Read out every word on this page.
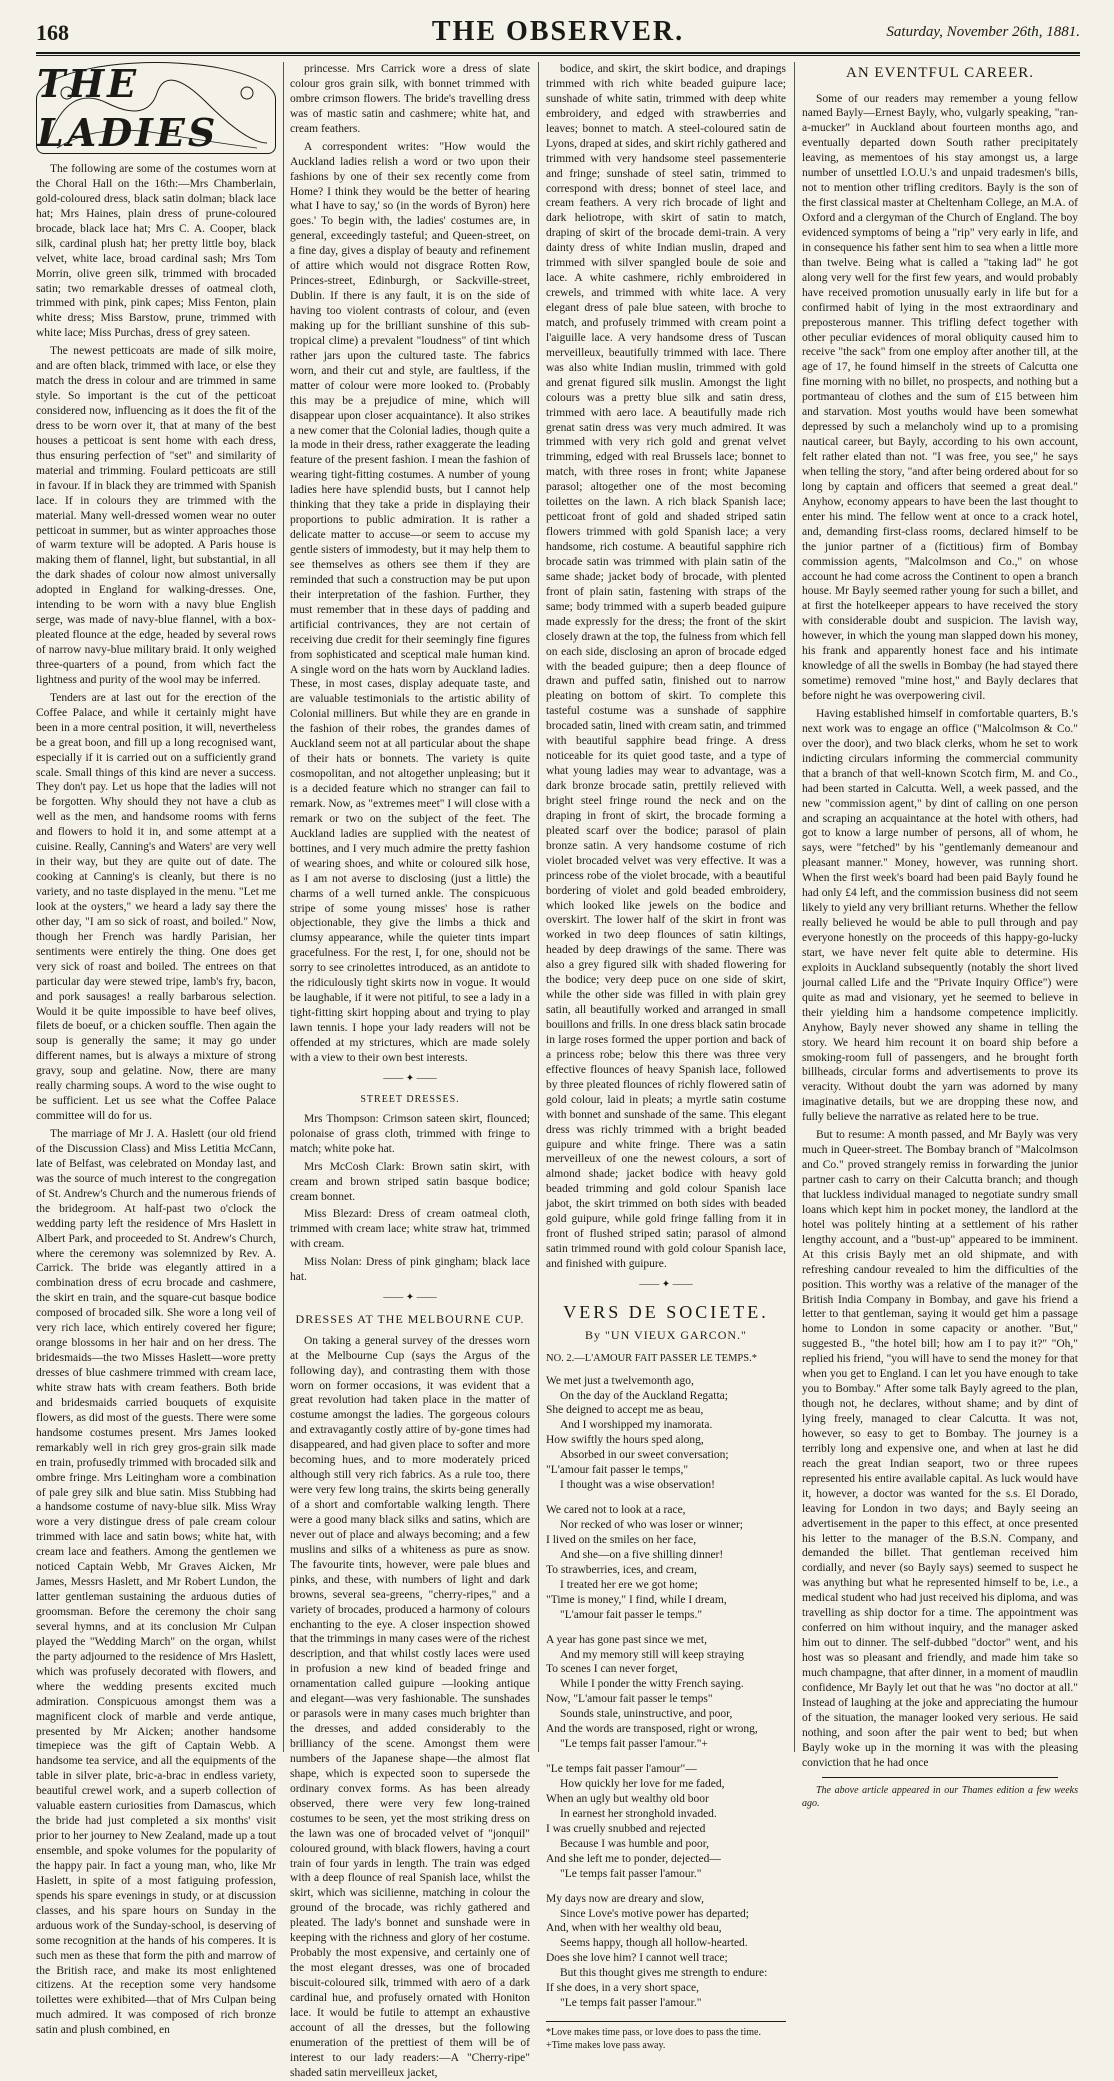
168	THE OBSERVER.	Saturday, November 26th, 1881.
THE LADIES

The following are some of the costumes worn at the Choral Hall on the 16th:—Mrs Chamberlain, gold-coloured dress, black satin dolman; black lace hat; Mrs Haines, plain dress of prune-coloured brocade, black lace hat; Mrs C. A. Cooper, black silk, cardinal plush hat; her pretty little boy, black velvet, white lace, broad cardinal sash; Mrs Tom Morrin, olive green silk, trimmed with brocaded satin; two remarkable dresses of oatmeal cloth, trimmed with pink, pink capes; Miss Fenton, plain white dress; Miss Barstow, prune, trimmed with white lace; Miss Purchas, dress of grey sateen.

The newest petticoats are made of silk moire, and are often black, trimmed with lace, or else they match the dress in colour and are trimmed in same style. So important is the cut of the petticoat considered now, influencing as it does the fit of the dress to be worn over it, that at many of the best houses a petticoat is sent home with each dress, thus ensuring perfection of "set" and similarity of material and trimming. Foulard petticoats are still in favour. If in black they are trimmed with Spanish lace. If in colours they are trimmed with the material. Many well-dressed women wear no outer petticoat in summer, but as winter approaches those of warm texture will be adopted. A Paris house is making them of flannel, light, but substantial, in all the dark shades of colour now almost universally adopted in England for walking-dresses. One, intending to be worn with a navy blue English serge, was made of navy-blue flannel, with a box-pleated flounce at the edge, headed by several rows of narrow navy-blue military braid. It only weighed three-quarters of a pound, from which fact the lightness and purity of the wool may be inferred.

Tenders are at last out for the erection of the Coffee Palace, and while it certainly might have been in a more central position, it will, nevertheless be a great boon, and fill up a long recognised want, especially if it is carried out on a sufficiently grand scale. Small things of this kind are never a success. They don't pay. Let us hope that the ladies will not be forgotten. Why should they not have a club as well as the men, and handsome rooms with ferns and flowers to hold it in, and some attempt at a cuisine. Really, Canning's and Waters' are very well in their way, but they are quite out of date. The cooking at Canning's is cleanly, but there is no variety, and no taste displayed in the menu. "Let me look at the oysters," we heard a lady say there the other day, "I am so sick of roast, and boiled." Now, though her French was hardly Parisian, her sentiments were entirely the thing. One does get very sick of roast and boiled. The entrees on that particular day were stewed tripe, lamb's fry, bacon, and pork sausages! a really barbarous selection. Would it be quite impossible to have beef olives, filets de boeuf, or a chicken souffle. Then again the soup is generally the same; it may go under different names, but is always a mixture of strong gravy, soup and gelatine. Now, there are many really charming soups. A word to the wise ought to be sufficient. Let us see what the Coffee Palace committee will do for us.

The marriage of Mr J. A. Haslett (our old friend of the Discussion Class) and Miss Letitia McCann, late of Belfast, was celebrated on Monday last, and was the source of much interest to the congregation of St. Andrew's Church and the numerous friends of the bridegroom. At half-past two o'clock the wedding party left the residence of Mrs Haslett in Albert Park, and proceeded to St. Andrew's Church, where the ceremony was solemnized by Rev. A. Carrick. The bride was elegantly attired in a combination dress of ecru brocade and cashmere, the skirt en train, and the square-cut basque bodice composed of brocaded silk. She wore a long veil of very rich lace, which entirely covered her figure; orange blossoms in her hair and on her dress. The bridesmaids—the two Misses Haslett—wore pretty dresses of blue cashmere trimmed with cream lace, white straw hats with cream feathers. Both bride and bridesmaids carried bouquets of exquisite flowers, as did most of the guests. There were some handsome costumes present. Mrs James looked remarkably well in rich grey gros-grain silk made en train, profusedly trimmed with brocaded silk and ombre fringe. Mrs Leitingham wore a combination of pale grey silk and blue satin. Miss Stubbing had a handsome costume of navy-blue silk. Miss Wray wore a very distingue dress of pale cream colour trimmed with lace and satin bows; white hat, with cream lace and feathers. Among the gentlemen we noticed Captain Webb, Mr Graves Aicken, Mr James, Messrs Haslett, and Mr Robert Lundon, the latter gentleman sustaining the arduous duties of groomsman. Before the ceremony the choir sang several hymns, and at its conclusion Mr Culpan played the "Wedding March" on the organ, whilst the party adjourned to the residence of Mrs Haslett, which was profusely decorated with flowers, and where the wedding presents excited much admiration. Conspicuous amongst them was a magnificent clock of marble and verde antique, presented by Mr Aicken; another handsome timepiece was the gift of Captain Webb. A handsome tea service, and all the equipments of the table in silver plate, bric-a-brac in endless variety, beautiful crewel work, and a superb collection of valuable eastern curiosities from Damascus, which the bride had just completed a six months' visit prior to her journey to New Zealand, made up a tout ensemble, and spoke volumes for the popularity of the happy pair. In fact a young man, who, like Mr Haslett, in spite of a most fatiguing profession, spends his spare evenings in study, or at discussion classes, and his spare hours on Sunday in the arduous work of the Sunday-school, is deserving of some recognition at the hands of his comperes. It is such men as these that form the pith and marrow of the British race, and make its most enlightened citizens. At the reception some very handsome toilettes were exhibited—that of Mrs Culpan being much admired. It was composed of rich bronze satin and plush combined, en

princesse. Mrs Carrick wore a dress of slate colour gros grain silk, with bonnet trimmed with ombre crimson flowers. The bride's travelling dress was of mastic satin and cashmere; white hat, and cream feathers.

A correspondent writes: "How would the Auckland ladies relish a word or two upon their fashions by one of their sex recently come from Home? I think they would be the better of hearing what I have to say,' so (in the words of Byron) here goes.' To begin with, the ladies' costumes are, in general, exceedingly tasteful; and Queen-street, on a fine day, gives a display of beauty and refinement of attire which would not disgrace Rotten Row, Princes-street, Edinburgh, or Sackville-street, Dublin. If there is any fault, it is on the side of having too violent contrasts of colour, and (even making up for the brilliant sunshine of this sub-tropical clime) a prevalent "loudness" of tint which rather jars upon the cultured taste. The fabrics worn, and their cut and style, are faultless, if the matter of colour were more looked to. (Probably this may be a prejudice of mine, which will disappear upon closer acquaintance). It also strikes a new comer that the Colonial ladies, though quite a la mode in their dress, rather exaggerate the leading feature of the present fashion. I mean the fashion of wearing tight-fitting costumes. A number of young ladies here have splendid busts, but I cannot help thinking that they take a pride in displaying their proportions to public admiration. It is rather a delicate matter to accuse—or seem to accuse my gentle sisters of immodesty, but it may help them to see themselves as others see them if they are reminded that such a construction may be put upon their interpretation of the fashion. Further, they must remember that in these days of padding and artificial contrivances, they are not certain of receiving due credit for their seemingly fine figures from sophisticated and sceptical male human kind. A single word on the hats worn by Auckland ladies. These, in most cases, display adequate taste, and are valuable testimonials to the artistic ability of Colonial milliners. But while they are en grande in the fashion of their robes, the grandes dames of Auckland seem not at all particular about the shape of their hats or bonnets. The variety is quite cosmopolitan, and not altogether unpleasing; but it is a decided feature which no stranger can fail to remark. Now, as "extremes meet" I will close with a remark or two on the subject of the feet. The Auckland ladies are supplied with the neatest of bottines, and I very much admire the pretty fashion of wearing shoes, and white or coloured silk hose, as I am not averse to disclosing (just a little) the charms of a well turned ankle. The conspicuous stripe of some young misses' hose is rather objectionable, they give the limbs a thick and clumsy appearance, while the quieter tints impart gracefulness. For the rest, I, for one, should not be sorry to see crinolettes introduced, as an antidote to the ridiculously tight skirts now in vogue. It would be laughable, if it were not pitiful, to see a lady in a tight-fitting skirt hopping about and trying to play lawn tennis. I hope your lady readers will not be offended at my strictures, which are made solely with a view to their own best interests.

—— ✦ ——
STREET DRESSES.

Mrs Thompson: Crimson sateen skirt, flounced; polonaise of grass cloth, trimmed with fringe to match; white poke hat.

Mrs McCosh Clark: Brown satin skirt, with cream and brown striped satin basque bodice; cream bonnet.

Miss Blezard: Dress of cream oatmeal cloth, trimmed with cream lace; white straw hat, trimmed with cream.

Miss Nolan: Dress of pink gingham; black lace hat.

—— ✦ ——
DRESSES AT THE MELBOURNE CUP.

On taking a general survey of the dresses worn at the Melbourne Cup (says the Argus of the following day), and contrasting them with those worn on former occasions, it was evident that a great revolution had taken place in the matter of costume amongst the ladies. The gorgeous colours and extravagantly costly attire of by-gone times had disappeared, and had given place to softer and more becoming hues, and to more moderately priced although still very rich fabrics. As a rule too, there were very few long trains, the skirts being generally of a short and comfortable walking length. There were a good many black silks and satins, which are never out of place and always becoming; and a few muslins and silks of a whiteness as pure as snow. The favourite tints, however, were pale blues and pinks, and these, with numbers of light and dark browns, several sea-greens, "cherry-ripes," and a variety of brocades, produced a harmony of colours enchanting to the eye. A closer inspection showed that the trimmings in many cases were of the richest description, and that whilst costly laces were used in profusion a new kind of beaded fringe and ornamentation called guipure —looking antique and elegant—was very fashionable. The sunshades or parasols were in many cases much brighter than the dresses, and added considerably to the brilliancy of the scene. Amongst them were numbers of the Japanese shape—the almost flat shape, which is expected soon to supersede the ordinary convex forms. As has been already observed, there were very few long-trained costumes to be seen, yet the most striking dress on the lawn was one of brocaded velvet of "jonquil" coloured ground, with black flowers, having a court train of four yards in length. The train was edged with a deep flounce of real Spanish lace, whilst the skirt, which was sicilienne, matching in colour the ground of the brocade, was richly gathered and pleated. The lady's bonnet and sunshade were in keeping with the richness and glory of her costume. Probably the most expensive, and certainly one of the most elegant dresses, was one of brocaded biscuit-coloured silk, trimmed with aero of a dark cardinal hue, and profusely ornated with Honiton lace. It would be futile to attempt an exhaustive account of all the dresses, but the following enumeration of the prettiest of them will be of interest to our lady readers:—A "Cherry-ripe" shaded satin merveilleux jacket,

bodice, and skirt, the skirt bodice, and drapings trimmed with rich white beaded guipure lace; sunshade of white satin, trimmed with deep white embroidery, and edged with strawberries and leaves; bonnet to match. A steel-coloured satin de Lyons, draped at sides, and skirt richly gathered and trimmed with very handsome steel passementerie and fringe; sunshade of steel satin, trimmed to correspond with dress; bonnet of steel lace, and cream feathers. A very rich brocade of light and dark heliotrope, with skirt of satin to match, draping of skirt of the brocade demi-train. A very dainty dress of white Indian muslin, draped and trimmed with silver spangled boule de soie and lace. A white cashmere, richly embroidered in crewels, and trimmed with white lace. A very elegant dress of pale blue sateen, with broche to match, and profusely trimmed with cream point a l'aiguille lace. A very handsome dress of Tuscan merveilleux, beautifully trimmed with lace. There was also white Indian muslin, trimmed with gold and grenat figured silk muslin. Amongst the light colours was a pretty blue silk and satin dress, trimmed with aero lace. A beautifully made rich grenat satin dress was very much admired. It was trimmed with very rich gold and grenat velvet trimming, edged with real Brussels lace; bonnet to match, with three roses in front; white Japanese parasol; altogether one of the most becoming toilettes on the lawn. A rich black Spanish lace; petticoat front of gold and shaded striped satin flowers trimmed with gold Spanish lace; a very handsome, rich costume. A beautiful sapphire rich brocade satin was trimmed with plain satin of the same shade; jacket body of brocade, with plented front of plain satin, fastening with straps of the same; body trimmed with a superb beaded guipure made expressly for the dress; the front of the skirt closely drawn at the top, the fulness from which fell on each side, disclosing an apron of brocade edged with the beaded guipure; then a deep flounce of drawn and puffed satin, finished out to narrow pleating on bottom of skirt. To complete this tasteful costume was a sunshade of sapphire brocaded satin, lined with cream satin, and trimmed with beautiful sapphire bead fringe. A dress noticeable for its quiet good taste, and a type of what young ladies may wear to advantage, was a dark bronze brocade satin, prettily relieved with bright steel fringe round the neck and on the draping in front of skirt, the brocade forming a pleated scarf over the bodice; parasol of plain bronze satin. A very handsome costume of rich violet brocaded velvet was very effective. It was a princess robe of the violet brocade, with a beautiful bordering of violet and gold beaded embroidery, which looked like jewels on the bodice and overskirt. The lower half of the skirt in front was worked in two deep flounces of satin kiltings, headed by deep drawings of the same. There was also a grey figured silk with shaded flowering for the bodice; very deep puce on one side of skirt, while the other side was filled in with plain grey satin, all beautifully worked and arranged in small bouillons and frills. In one dress black satin brocade in large roses formed the upper portion and back of a princess robe; below this there was three very effective flounces of heavy Spanish lace, followed by three pleated flounces of richly flowered satin of gold colour, laid in pleats; a myrtle satin costume with bonnet and sunshade of the same. This elegant dress was richly trimmed with a bright beaded guipure and white fringe. There was a satin merveilleux of one the newest colours, a sort of almond shade; jacket bodice with heavy gold beaded trimming and gold colour Spanish lace jabot, the skirt trimmed on both sides with beaded gold guipure, while gold fringe falling from it in front of flushed striped satin; parasol of almond satin trimmed round with gold colour Spanish lace, and finished with guipure.

—— ✦ ——
VERS DE SOCIETE.
By "UN VIEUX GARCON."
NO. 2.—L'AMOUR FAIT PASSER LE TEMPS.*
We met just a twelvemonth ago,
On the day of the Auckland Regatta;
She deigned to accept me as beau,
And I worshipped my inamorata.
How swiftly the hours sped along,
Absorbed in our sweet conversation;
"L'amour fait passer le temps,"
I thought was a wise observation!
We cared not to look at a race,
Nor recked of who was loser or winner;
I lived on the smiles on her face,
And she—on a five shilling dinner!
To strawberries, ices, and cream,
I treated her ere we got home;
"Time is money," I find, while I dream,
"L'amour fait passer le temps."
A year has gone past since we met,
And my memory still will keep straying
To scenes I can never forget,
While I ponder the witty French saying.
Now, "L'amour fait passer le temps"
Sounds stale, uninstructive, and poor,
And the words are transposed, right or wrong,
"Le temps fait passer l'amour."+
"Le temps fait passer l'amour"—
How quickly her love for me faded,
When an ugly but wealthy old boor
In earnest her stronghold invaded.
I was cruelly snubbed and rejected
Because I was humble and poor,
And she left me to ponder, dejected—
"Le temps fait passer l'amour."
My days now are dreary and slow,
Since Love's motive power has departed;
And, when with her wealthy old beau,
Seems happy, though all hollow-hearted.
Does she love him? I cannot well trace;
But this thought gives me strength to endure:
If she does, in a very short space,
"Le temps fait passer l'amour."
*Love makes time pass, or love does to pass the time.
+Time makes love pass away.
AN EVENTFUL CAREER.

Some of our readers may remember a young fellow named Bayly—Ernest Bayly, who, vulgarly speaking, "ran-a-mucker" in Auckland about fourteen months ago, and eventually departed down South rather precipitately leaving, as mementoes of his stay amongst us, a large number of unsettled I.O.U.'s and unpaid tradesmen's bills, not to mention other trifling creditors. Bayly is the son of the first classical master at Cheltenham College, an M.A. of Oxford and a clergyman of the Church of England. The boy evidenced symptoms of being a "rip" very early in life, and in consequence his father sent him to sea when a little more than twelve. Being what is called a "taking lad" he got along very well for the first few years, and would probably have received promotion unusually early in life but for a confirmed habit of lying in the most extraordinary and preposterous manner. This trifling defect together with other peculiar evidences of moral obliquity caused him to receive "the sack" from one employ after another till, at the age of 17, he found himself in the streets of Calcutta one fine morning with no billet, no prospects, and nothing but a portmanteau of clothes and the sum of £15 between him and starvation. Most youths would have been somewhat depressed by such a melancholy wind up to a promising nautical career, but Bayly, according to his own account, felt rather elated than not. "I was free, you see," he says when telling the story, "and after being ordered about for so long by captain and officers that seemed a great deal." Anyhow, economy appears to have been the last thought to enter his mind. The fellow went at once to a crack hotel, and, demanding first-class rooms, declared himself to be the junior partner of a (fictitious) firm of Bombay commission agents, "Malcolmson and Co.," on whose account he had come across the Continent to open a branch house. Mr Bayly seemed rather young for such a billet, and at first the hotelkeeper appears to have received the story with considerable doubt and suspicion. The lavish way, however, in which the young man slapped down his money, his frank and apparently honest face and his intimate knowledge of all the swells in Bombay (he had stayed there sometime) removed "mine host," and Bayly declares that before night he was overpowering civil.

Having established himself in comfortable quarters, B.'s next work was to engage an office ("Malcolmson & Co." over the door), and two black clerks, whom he set to work indicting circulars informing the commercial community that a branch of that well-known Scotch firm, M. and Co., had been started in Calcutta. Well, a week passed, and the new "commission agent," by dint of calling on one person and scraping an acquaintance at the hotel with others, had got to know a large number of persons, all of whom, he says, were "fetched" by his "gentlemanly demeanour and pleasant manner." Money, however, was running short. When the first week's board had been paid Bayly found he had only £4 left, and the commission business did not seem likely to yield any very brilliant returns. Whether the fellow really believed he would be able to pull through and pay everyone honestly on the proceeds of this happy-go-lucky start, we have never felt quite able to determine. His exploits in Auckland subsequently (notably the short lived journal called Life and the "Private Inquiry Office") were quite as mad and visionary, yet he seemed to believe in their yielding him a handsome competence implicitly. Anyhow, Bayly never showed any shame in telling the story. We heard him recount it on board ship before a smoking-room full of passengers, and he brought forth billheads, circular forms and advertisements to prove its veracity. Without doubt the yarn was adorned by many imaginative details, but we are dropping these now, and fully believe the narrative as related here to be true.

But to resume: A month passed, and Mr Bayly was very much in Queer-street. The Bombay branch of "Malcolmson and Co." proved strangely remiss in forwarding the junior partner cash to carry on their Calcutta branch; and though that luckless individual managed to negotiate sundry small loans which kept him in pocket money, the landlord at the hotel was politely hinting at a settlement of his rather lengthy account, and a "bust-up" appeared to be imminent. At this crisis Bayly met an old shipmate, and with refreshing candour revealed to him the difficulties of the position. This worthy was a relative of the manager of the British India Company in Bombay, and gave his friend a letter to that gentleman, saying it would get him a passage home to London in some capacity or another. "But," suggested B., "the hotel bill; how am I to pay it?" "Oh," replied his friend, "you will have to send the money for that when you get to England. I can let you have enough to take you to Bombay." After some talk Bayly agreed to the plan, though not, he declares, without shame; and by dint of lying freely, managed to clear Calcutta. It was not, however, so easy to get to Bombay. The journey is a terribly long and expensive one, and when at last he did reach the great Indian seaport, two or three rupees represented his entire available capital. As luck would have it, however, a doctor was wanted for the s.s. El Dorado, leaving for London in two days; and Bayly seeing an advertisement in the paper to this effect, at once presented his letter to the manager of the B.S.N. Company, and demanded the billet. That gentleman received him cordially, and never (so Bayly says) seemed to suspect he was anything but what he represented himself to be, i.e., a medical student who had just received his diploma, and was travelling as ship doctor for a time. The appointment was conferred on him without inquiry, and the manager asked him out to dinner. The self-dubbed "doctor" went, and his host was so pleasant and friendly, and made him take so much champagne, that after dinner, in a moment of maudlin confidence, Mr Bayly let out that he was "no doctor at all." Instead of laughing at the joke and appreciating the humour of the situation, the manager looked very serious. He said nothing, and soon after the pair went to bed; but when Bayly woke up in the morning it was with the pleasing conviction that he had once

The above article appeared in our Thames edition a few weeks ago.
